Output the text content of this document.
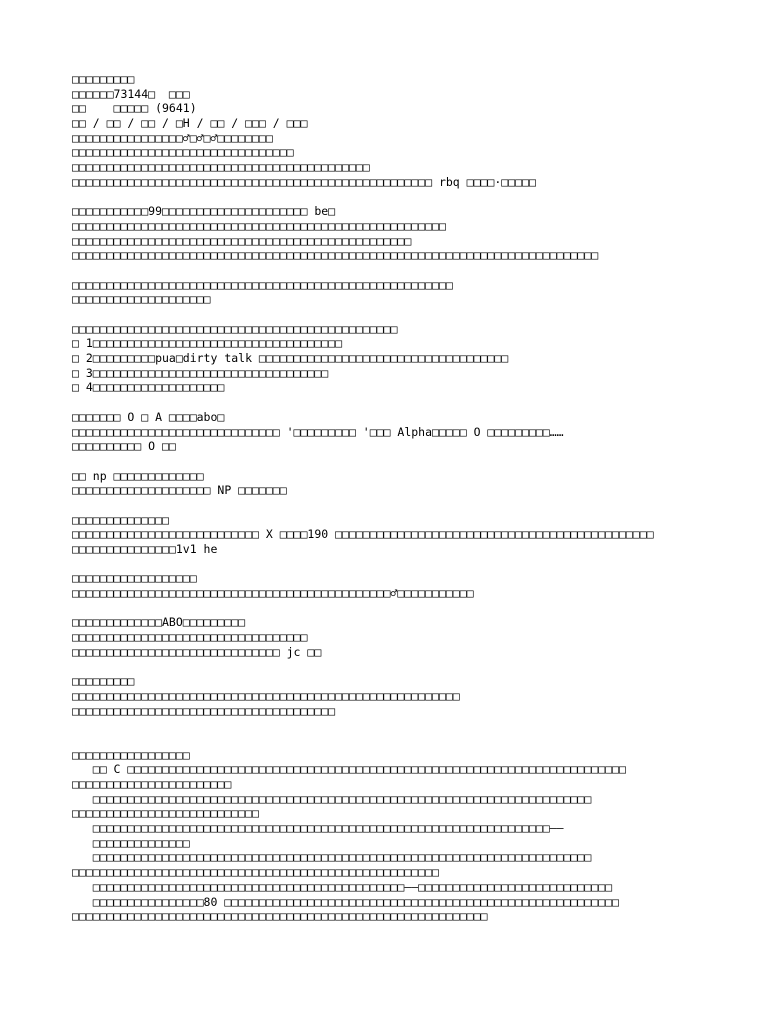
□□□□□□□□□
□□□□□□73144□  □□□
□□    □□□□□ (9641)
□□ / □□ / □□ / □H / □□ / □□□ / □□□
□□□□□□□□□□□□□□□□♂□♂□♂□□□□□□□□
□□□□□□□□□□□□□□□□□□□□□□□□□□□□□□□□
□□□□□□□□□□□□□□□□□□□□□□□□□□□□□□□□□□□□□□□□□□□
□□□□□□□□□□□□□□□□□□□□□□□□□□□□□□□□□□□□□□□□□□□□□□□□□□□□ rbq □□□□·□□□□□
□□□□□□□□□□□99□□□□□□□□□□□□□□□□□□□□□ be□
□□□□□□□□□□□□□□□□□□□□□□□□□□□□□□□□□□□□□□□□□□□□□□□□□□□□□□
□□□□□□□□□□□□□□□□□□□□□□□□□□□□□□□□□□□□□□□□□□□□□□□□□
□□□□□□□□□□□□□□□□□□□□□□□□□□□□□□□□□□□□□□□□□□□□□□□□□□□□□□□□□□□□□□□□□□□□□□□□□□□□
□□□□□□□□□□□□□□□□□□□□□□□□□□□□□□□□□□□□□□□□□□□□□□□□□□□□□□□
□□□□□□□□□□□□□□□□□□□□
□□□□□□□□□□□□□□□□□□□□□□□□□□□□□□□□□□□□□□□□□□□□□□□
□ 1□□□□□□□□□□□□□□□□□□□□□□□□□□□□□□□□□□□□
□ 2□□□□□□□□□pua□dirty talk □□□□□□□□□□□□□□□□□□□□□□□□□□□□□□□□□□□□
□ 3□□□□□□□□□□□□□□□□□□□□□□□□□□□□□□□□□□
□ 4□□□□□□□□□□□□□□□□□□□
□□□□□□□ O □ A □□□□abo□
□□□□□□□□□□□□□□□□□□□□□□□□□□□□□□ '□□□□□□□□□ '□□□ Alpha□□□□□ O □□□□□□□□□……
□□□□□□□□□□ O □□
□□ np □□□□□□□□□□□□□
□□□□□□□□□□□□□□□□□□□□ NP □□□□□□□
□□□□□□□□□□□□□□
□□□□□□□□□□□□□□□□□□□□□□□□□□□ X □□□□190 □□□□□□□□□□□□□□□□□□□□□□□□□□□□□□□□□□□□□□□□□□□□□□
□□□□□□□□□□□□□□□1v1 he
□□□□□□□□□□□□□□□□□□
□□□□□□□□□□□□□□□□□□□□□□□□□□□□□□□□□□□□□□□□□□□□□□♂□□□□□□□□□□□
□□□□□□□□□□□□□ABO□□□□□□□□□
□□□□□□□□□□□□□□□□□□□□□□□□□□□□□□□□□□
□□□□□□□□□□□□□□□□□□□□□□□□□□□□□□ jc □□
□□□□□□□□□
□□□□□□□□□□□□□□□□□□□□□□□□□□□□□□□□□□□□□□□□□□□□□□□□□□□□□□□□
□□□□□□□□□□□□□□□□□□□□□□□□□□□□□□□□□□□□□□
□□□□□□□□□□□□□□□□□
□□ C □□□□□□□□□□□□□□□□□□□□□□□□□□□□□□□□□□□□□□□□□□□□□□□□□□□□□□□□□□□□□□□□□□□□□□□□
□□□□□□□□□□□□□□□□□□□□□□□
□□□□□□□□□□□□□□□□□□□□□□□□□□□□□□□□□□□□□□□□□□□□□□□□□□□□□□□□□□□□□□□□□□□□□□□□
□□□□□□□□□□□□□□□□□□□□□□□□□□□
□□□□□□□□□□□□□□□□□□□□□□□□□□□□□□□□□□□□□□□□□□□□□□□□□□□□□□□□□□□□□□□□□□——
□□□□□□□□□□□□□□
□□□□□□□□□□□□□□□□□□□□□□□□□□□□□□□□□□□□□□□□□□□□□□□□□□□□□□□□□□□□□□□□□□□□□□□□
□□□□□□□□□□□□□□□□□□□□□□□□□□□□□□□□□□□□□□□□□□□□□□□□□□□□□
□□□□□□□□□□□□□□□□□□□□□□□□□□□□□□□□□□□□□□□□□□□□□——□□□□□□□□□□□□□□□□□□□□□□□□□□□□
□□□□□□□□□□□□□□□□80 □□□□□□□□□□□□□□□□□□□□□□□□□□□□□□□□□□□□□□□□□□□□□□□□□□□□□□□□□
□□□□□□□□□□□□□□□□□□□□□□□□□□□□□□□□□□□□□□□□□□□□□□□□□□□□□□□□□□□□
